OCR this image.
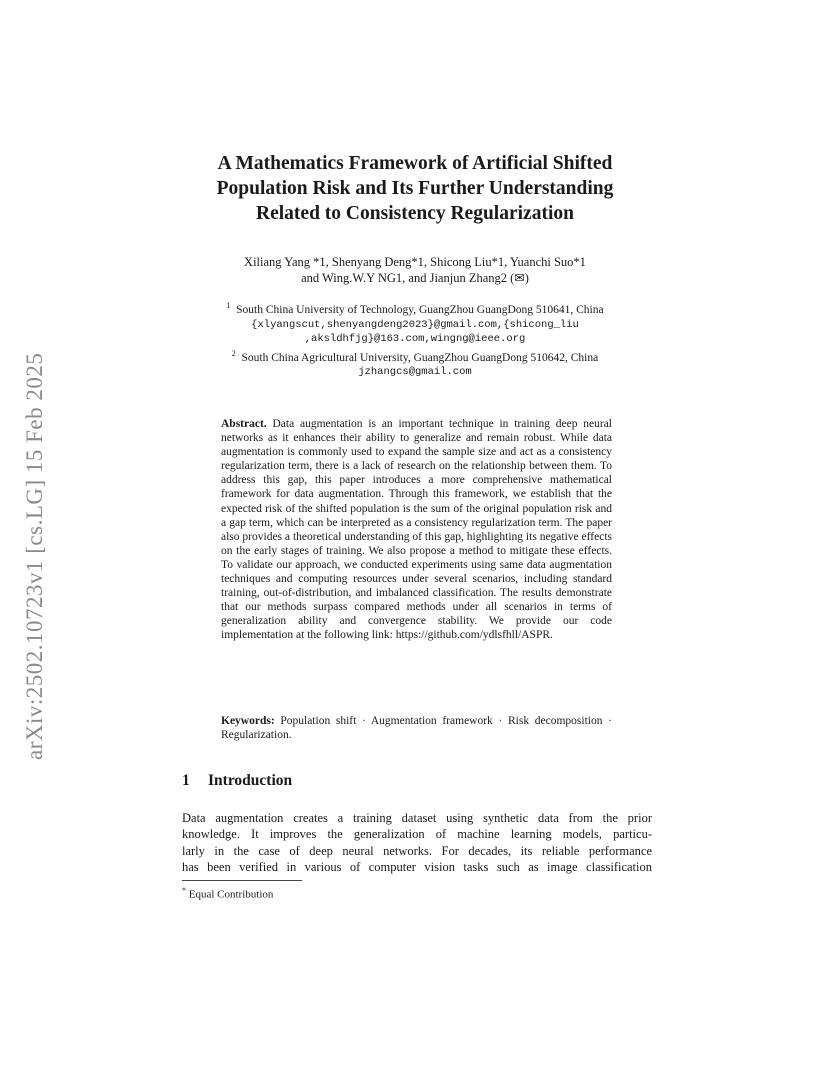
arXiv:2502.10723v1 [cs.LG] 15 Feb 2025
A Mathematics Framework of Artificial Shifted
Population Risk and Its Further Understanding
Related to Consistency Regularization
Xiliang Yang *1, Shenyang Deng*1, Shicong Liu*1, Yuanchi Suo*1
and Wing.W.Y NG1, and Jianjun Zhang2 (✉)
$^1$ South China University of Technology, GuangZhou GuangDong 510641, China
{xlyangscut,shenyangdeng2023}@gmail.com,{shicong_liu
,aksldhfjg}@163.com,wingng@ieee.org
$^2$ South China Agricultural University, GuangZhou GuangDong 510642, China
jzhangcs@gmail.com
Abstract. Data augmentation is an important technique in training deep neural networks as it enhances their ability to generalize and remain robust. While data augmentation is commonly used to expand the sample size and act as a consistency regularization term, there is a lack of research on the relationship between them. To address this gap, this paper introduces a more comprehensive mathematical framework for data augmentation. Through this framework, we establish that the expected risk of the shifted population is the sum of the original population risk and a gap term, which can be interpreted as a consistency regularization term. The paper also provides a theoretical understanding of this gap, highlighting its negative effects on the early stages of training. We also propose a method to mitigate these effects. To validate our approach, we conducted experiments using same data augmentation techniques and computing resources under several scenarios, including standard training, out-of-distribution, and imbalanced classification. The results demonstrate that our methods surpass compared methods under all scenarios in terms of generalization ability and convergence stability. We provide our code implementation at the following link: https://github.com/ydlsfhll/ASPR.
Keywords: Population shift · Augmentation framework · Risk decomposition · Regularization.
1 Introduction
Data augmentation creates a training dataset using synthetic data from the prior
knowledge. It improves the generalization of machine learning models, particu-
larly in the case of deep neural networks. For decades, its reliable performance
has been verified in various of computer vision tasks such as image classification
* Equal Contribution
